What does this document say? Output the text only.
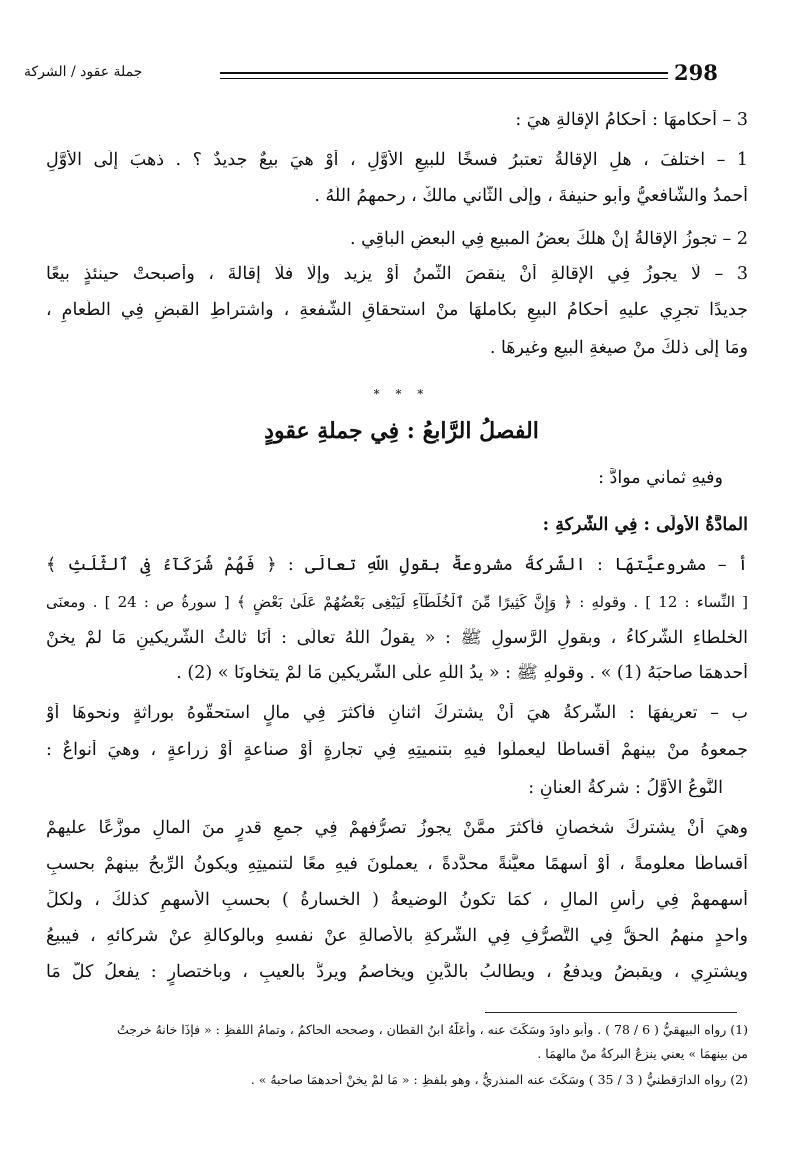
298
جملة عقود / الشركة
3 – أحكامهَا : أحكامُ الإقالةِ هيَ :
1 – اختلفَ ، هلِ الإقالةُ تعتبرُ فسخًا للبيعِ الأوَّلِ ، أوْ هيَ بيعٌ جديدٌ ؟ . ذهبَ إلَى الأوَّلِ
أحمدُ والشَّافعيُّ وأبو حنيفةَ ، وإلَى الثَّاني مالكٌ ، رحمهمُ اللَّهُ .
2 – تجوزُ الإقالةُ إنْ هلكَ بعضُ المبيعِ فِي البعضِ الباقِي .
3 – لَا يجوزُ فِي الإقالةِ أنْ ينقصَ الثَّمنُ أوْ يزيد وإلَّا فلَا إقالةَ ، وأصبحتْ حينئذٍ بيعًا
جديدًا تجرِي عليهِ أحكامُ البيعِ بكاملهَا منْ استحقاقِ الشُّفعةِ ، واشتراطِ القبضِ فِي الطَّعامِ ،
ومَا إلَى ذلكَ منْ صيغةِ البيعِ وغيرهَا .
* * *
الفصلُ الرَّابعُ : فِي جملةِ عقودٍ
وفيهِ ثماني موادَّ :
المادَّةُ الأولَى : فِي الشَّركةِ :
أ – مشروعيَّتهَا : الشَّركةُ مشروعةٌ بقولِ اللَّهِ تعالَى : ﴿ فَهُمْ شُرَكَآءُ فِى ٱلثُّلُثِ ﴾
[ النِّساء : 12 ] . وقولهِ : ﴿ وَإِنَّ كَثِيرًا مِّنَ ٱلْخُلَطَآءِ لَيَبْغِى بَعْضُهُمْ عَلَىٰ بَعْضٍ ﴾ [ سورةُ ص : 24 ] . ومعنَى
الخلطاءِ الشُّركاءُ ، وبقولِ الرَّسولِ ﷺ : « يقولُ اللَّهُ تعالَى : أنَا ثالثُ الشَّريكينِ مَا لمْ يخنْ
أحدهمَا صاحبَهُ (1) » . وقولهِ ﷺ : « يدُ اللَّهِ علَى الشَّريكينِ مَا لمْ يتخاونَا » (2) .
ب – تعريفهَا : الشَّركةُ هيَ أنْ يشتركَ اثنانِ فأكثرَ فِي مالٍ استحقُّوهُ بوراثةٍ ونحوهَا أوْ
جمعوهُ منْ بينهمْ أقساطًا ليعملُوا فيهِ بتنميتِهِ فِي تجارةٍ أوْ صناعةٍ أوْ زراعةٍ ، وهيَ أنواعٌ :
النَّوعُ الأوَّلُ : شركةُ العنانِ :
وهيَ أنْ يشتركَ شخصانِ فأكثرَ ممَّنْ يجوزُ تصرُّفهمْ فِي جمعِ قدرٍ منَ المالِ موزَّعًا عليهمْ
أقساطًا معلومةً ، أوْ أسهمًا معيَّنةً محدَّدةً ، يعملونَ فيهِ معًا لتنميتِهِ ويكونُ الرِّبحُ بينهمْ بحسبِ
أسهمهمْ فِي رأسِ المالِ ، كمَا تكونُ الوضيعةُ ( الخسارةُ ) بحسبِ الأسهمِ كذلكَ ، ولكلِّ
واحدٍ منهمُ الحقُّ فِي التَّصرُّفِ فِي الشَّركةِ بالأصالةِ عنْ نفسهِ وبالوكالةِ عنْ شركائهِ ، فيبيعُ
ويشترِي ، ويقبضُ ويدفعُ ، ويطالبُ بالدَّينِ ويخاصمُ ويردُّ بالعيبِ ، وباختصارٍ : يفعلُ كلَّ مَا
(1) رواه البيهقيُّ ( 6 / 78 ) . وأبو داودَ وسَكَتَ عنه ، وأَعَلَّهُ ابنُ القطان ، وصححه الحاكمُ ، وتمامُ اللفظِ : « فإذَا خانهُ خرجتُ
من بينهمَا » يعني ينزعُ البركةُ منْ مالهمَا .
(2) رواه الدارَقطنيُّ ( 3 / 35 ) وسَكَتَ عنه المنذريُّ ، وهو بلفظِ : « مَا لمْ يخنْ أحدهمَا صاحبهُ » .
